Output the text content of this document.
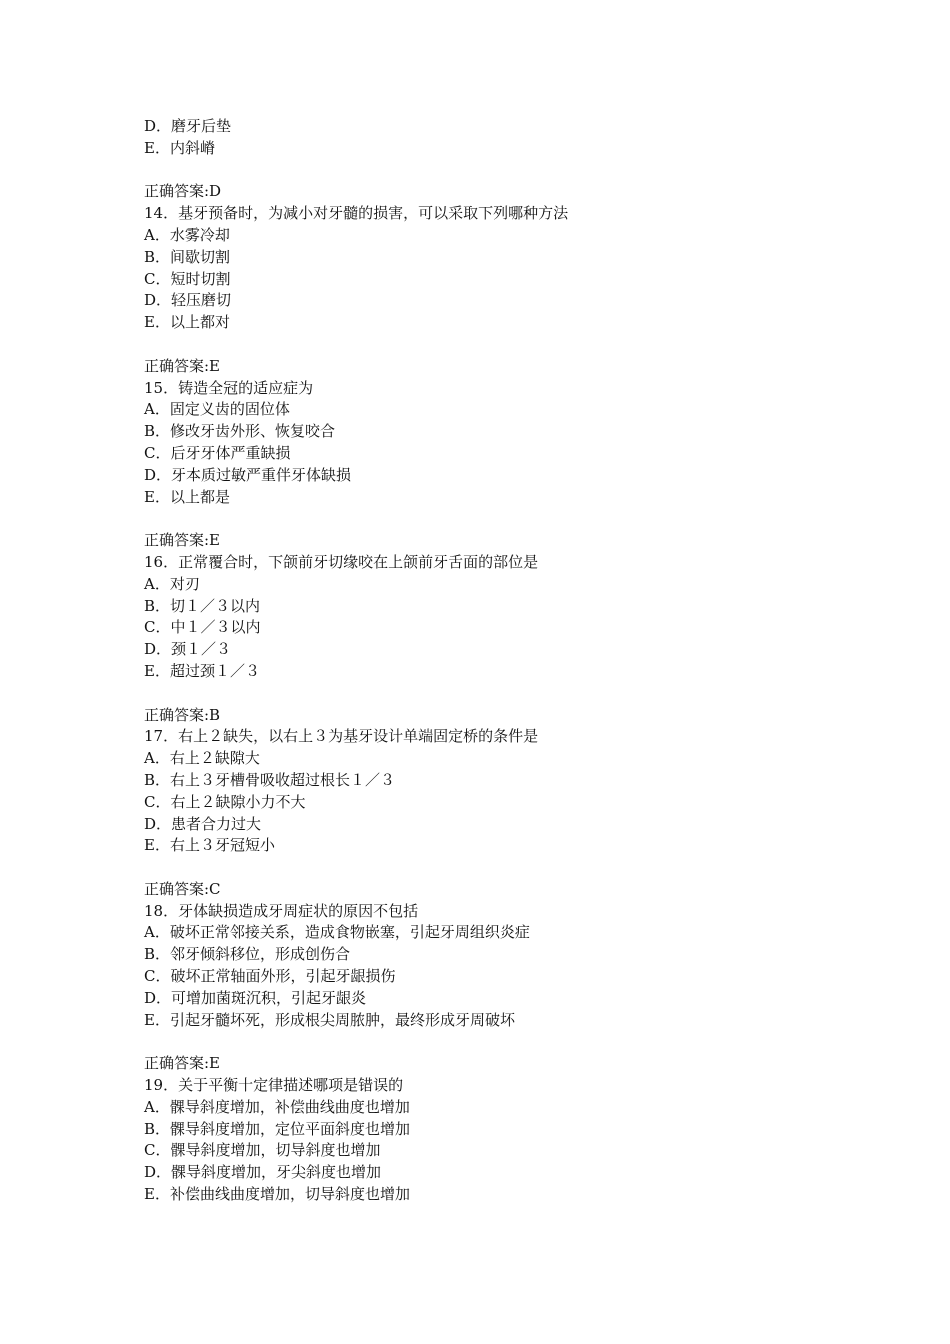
D．磨牙后垫
E．内斜嵴
正确答案:D
14．基牙预备时，为减小对牙髓的损害，可以采取下列哪种方法
A．水雾冷却
B．间歇切割
C．短时切割
D．轻压磨切
E．以上都对
正确答案:E
15．铸造全冠的适应症为
A．固定义齿的固位体
B．修改牙齿外形、恢复咬合
C．后牙牙体严重缺损
D．牙本质过敏严重伴牙体缺损
E．以上都是
正确答案:E
16．正常覆合时，下颌前牙切缘咬在上颌前牙舌面的部位是
A．对刃
B．切１／３以内
C．中１／３以内
D．颈１／３
E．超过颈１／３
正确答案:B
17．右上２缺失，以右上３为基牙设计单端固定桥的条件是
A．右上２缺隙大
B．右上３牙槽骨吸收超过根长１／３
C．右上２缺隙小力不大
D．患者合力过大
E．右上３牙冠短小
正确答案:C
18．牙体缺损造成牙周症状的原因不包括
A．破坏正常邻接关系，造成食物嵌塞，引起牙周组织炎症
B．邻牙倾斜移位，形成创伤合
C．破坏正常轴面外形，引起牙龈损伤
D．可增加菌斑沉积，引起牙龈炎
E．引起牙髓坏死，形成根尖周脓肿，最终形成牙周破坏
正确答案:E
19．关于平衡十定律描述哪项是错误的
A．髁导斜度增加，补偿曲线曲度也增加
B．髁导斜度增加，定位平面斜度也增加
C．髁导斜度增加，切导斜度也增加
D．髁导斜度增加，牙尖斜度也增加
E．补偿曲线曲度增加，切导斜度也增加
